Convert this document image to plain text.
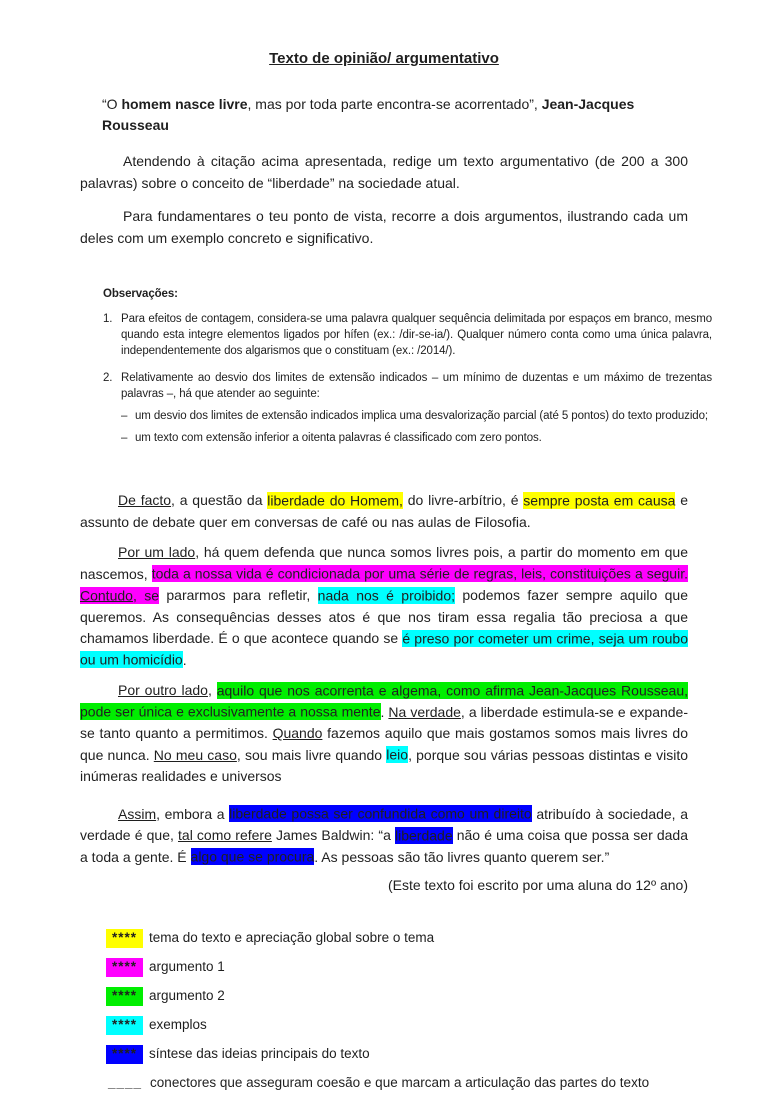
Texto de opinião/ argumentativo

“O homem nasce livre, mas por toda parte encontra-se acorrentado”, Jean-Jacques Rousseau

Atendendo à citação acima apresentada, redige um texto argumentativo (de 200 a 300 palavras) sobre o conceito de “liberdade” na sociedade atual.

Para fundamentares o teu ponto de vista, recorre a dois argumentos, ilustrando cada um deles com um exemplo concreto e significativo.

Observações:
1. Para efeitos de contagem, considera-se uma palavra qualquer sequência delimitada por espaços em branco, mesmo quando esta integre elementos ligados por hífen (ex.: /dir-se-ia/). Qualquer número conta como uma única palavra, independentemente dos algarismos que o constituam (ex.: /2014/).
2. Relativamente ao desvio dos limites de extensão indicados – um mínimo de duzentas e um máximo de trezentas palavras –, há que atender ao seguinte:
– um desvio dos limites de extensão indicados implica uma desvalorização parcial (até 5 pontos) do texto produzido;
– um texto com extensão inferior a oitenta palavras é classificado com zero pontos.

De facto, a questão da liberdade do Homem, do livre-arbítrio, é sempre posta em causa e assunto de debate quer em conversas de café ou nas aulas de Filosofia.

Por um lado, há quem defenda que nunca somos livres pois, a partir do momento em que nascemos, toda a nossa vida é condicionada por uma série de regras, leis, constituições a seguir. Contudo, se pararmos para refletir, nada nos é proibido; podemos fazer sempre aquilo que queremos. As consequências desses atos é que nos tiram essa regalia tão preciosa a que chamamos liberdade. É o que acontece quando se é preso por cometer um crime, seja um roubo ou um homicídio.

Por outro lado, aquilo que nos acorrenta e algema, como afirma Jean-Jacques Rousseau, pode ser única e exclusivamente a nossa mente. Na verdade, a liberdade estimula-se e expande-se tanto quanto a permitimos. Quando fazemos aquilo que mais gostamos somos mais livres do que nunca. No meu caso, sou mais livre quando leio, porque sou várias pessoas distintas e visito inúmeras realidades e universos

Assim, embora a liberdade possa ser confundida como um direito atribuído à sociedade, a verdade é que, tal como refere James Baldwin: “a liberdade não é uma coisa que possa ser dada a toda a gente. É algo que se procura. As pessoas são tão livres quanto querem ser.”

(Este texto foi escrito por uma aluna do 12º ano)

**** tema do texto e apreciação global sobre o tema
**** argumento 1
**** argumento 2
**** exemplos
**** síntese das ideias principais do texto
____ conectores que asseguram coesão e que marcam a articulação das partes do texto
